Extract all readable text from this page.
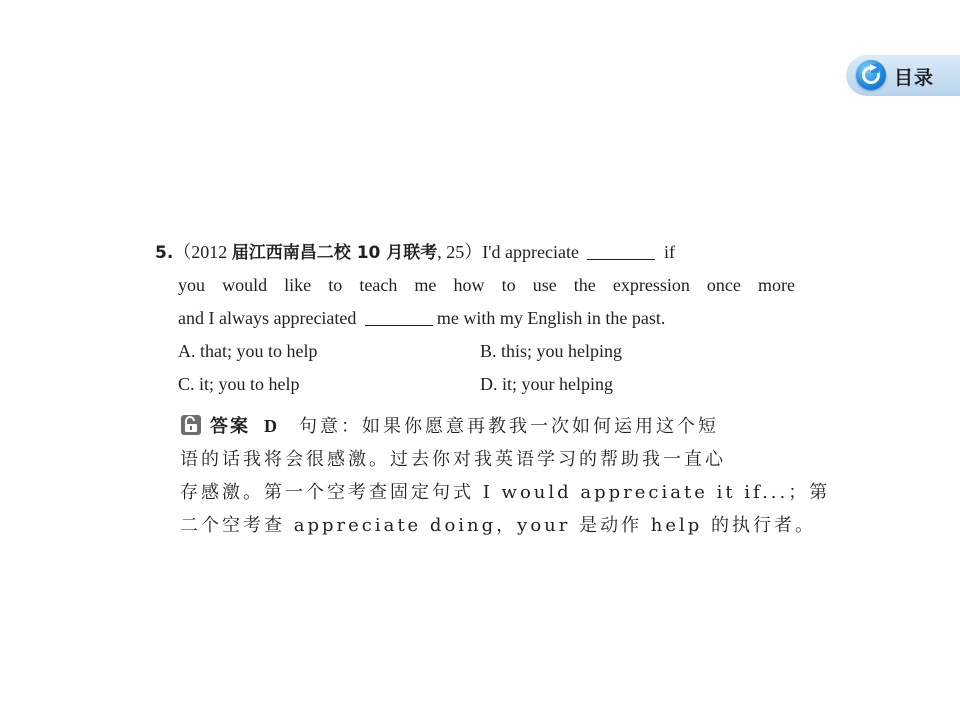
目录
5.（2012 届江西南昌二校 10 月联考, 25）I'd appreciate	if
you would like to teach me how to use the expression once more
and I always appreciated	me with my English in the past.
A. that; you to help	B. this; you helping
C. it; you to help	D. it; your helping
答案 D 句意：如果你愿意再教我一次如何运用这个短
语的话我将会很感激。过去你对我英语学习的帮助我一直心
存感激。第一个空考查固定句式 I would appreciate it if...；第
二个空考查 appreciate doing，your 是动作 help 的执行者。
